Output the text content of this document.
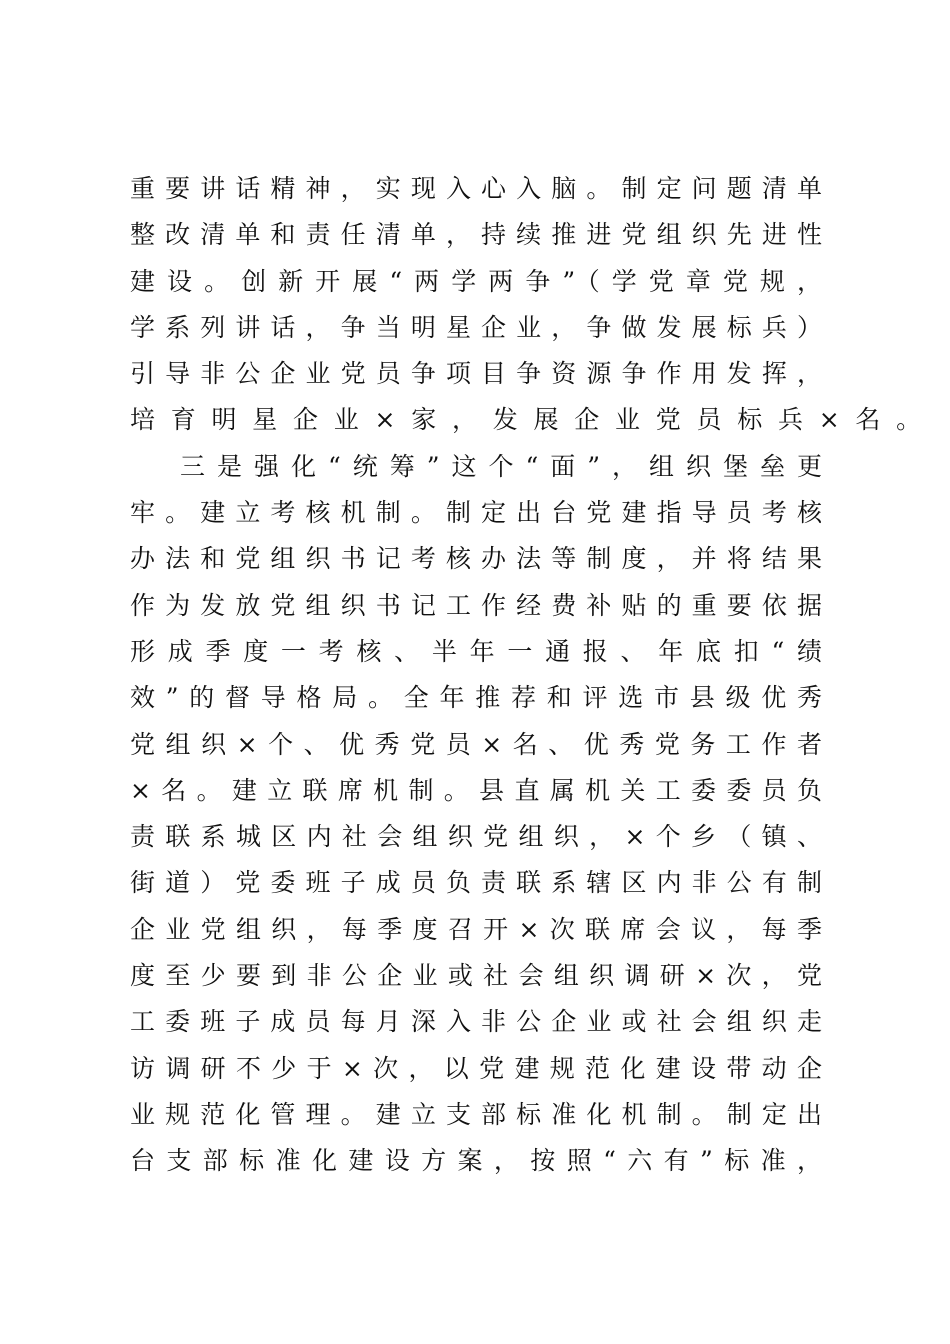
重要讲话精神，实现入心入脑。制定问题清单
整改清单和责任清单，持续推进党组织先进性
建设。创新开展“两学两争”（学党章党规，
学系列讲话，争当明星企业，争做发展标兵）
引导非公企业党员争项目争资源争作用发挥，
培育明星企业×家，发展企业党员标兵×名。
三是强化“统筹”这个“面”，组织堡垒更
牢。建立考核机制。制定出台党建指导员考核
办法和党组织书记考核办法等制度，并将结果
作为发放党组织书记工作经费补贴的重要依据
形成季度一考核、半年一通报、年底扣“绩
效”的督导格局。全年推荐和评选市县级优秀
党组织×个、优秀党员×名、优秀党务工作者
×名。建立联席机制。县直属机关工委委员负
责联系城区内社会组织党组织，×个乡（镇、
街道）党委班子成员负责联系辖区内非公有制
企业党组织，每季度召开×次联席会议，每季
度至少要到非公企业或社会组织调研×次，党
工委班子成员每月深入非公企业或社会组织走
访调研不少于×次，以党建规范化建设带动企
业规范化管理。建立支部标准化机制。制定出
台支部标准化建设方案，按照“六有”标准，
